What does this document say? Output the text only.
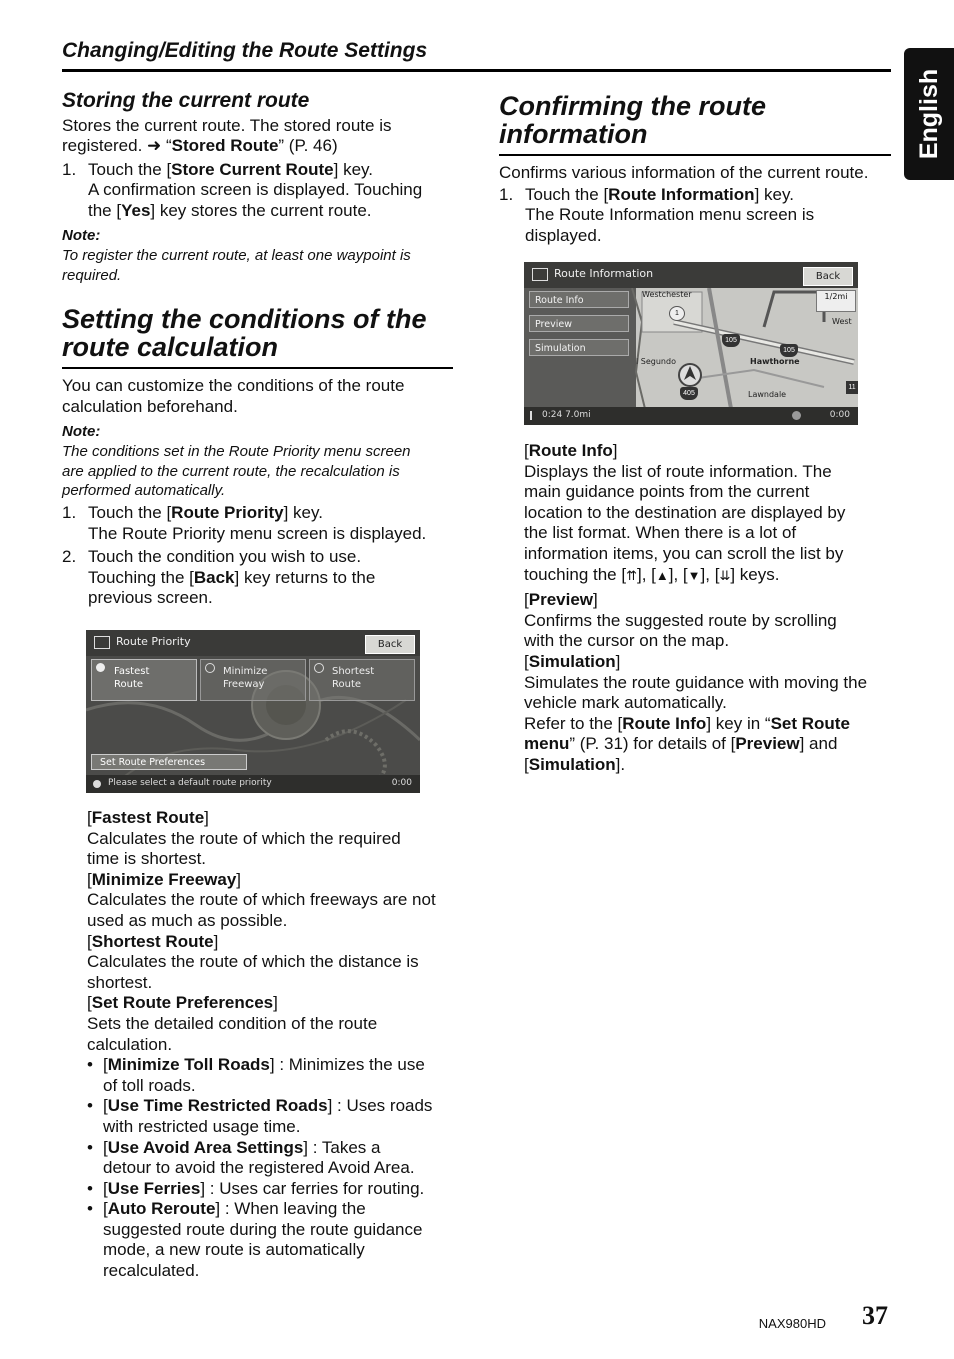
Changing/Editing the Route Settings
English
Storing the current route
Stores the current route. The stored route is
registered. ➜ “Stored Route” (P. 46)
1. Touch the [Store Current Route] key.
A confirmation screen is displayed. Touching
the [Yes] key stores the current route.
Note:
To register the current route, at least one waypoint is
required.
Setting the conditions of the
route calculation
You can customize the conditions of the route
calculation beforehand.
Note:
The conditions set in the Route Priority menu screen
are applied to the current route, the recalculation is
performed automatically.
1. Touch the [Route Priority] key.
The Route Priority menu screen is displayed.
2. Touch the condition you wish to use.
Touching the [Back] key returns to the
previous screen.
Route Priority	Back
Fastest
Route
Minimize
Freeway
Shortest
Route
Set Route Preferences
Please select a default route priority	0:00
[Fastest Route]
Calculates the route of which the required
time is shortest.
[Minimize Freeway]
Calculates the route of which freeways are not
used as much as possible.
[Shortest Route]
Calculates the route of which the distance is
shortest.
[Set Route Preferences]
Sets the detailed condition of the route
calculation.
• [Minimize Toll Roads] : Minimizes the use
of toll roads.
• [Use Time Restricted Roads] : Uses roads
with restricted usage time.
• [Use Avoid Area Settings] : Takes a
detour to avoid the registered Avoid Area.
• [Use Ferries] : Uses car ferries for routing.
• [Auto Reroute] : When leaving the
suggested route during the route guidance
mode, a new route is automatically
recalculated.
Confirming the route
information
Confirms various information of the current route.
1. Touch the [Route Information] key.
The Route Information menu screen is
displayed.
Route Information	Back
Route Info
Preview
Simulation
Westchester
West
l Segundo	Hawthorne
Lawndale
1/2mi
105
105
405
1
11
0:24 7.0mi	0:00
[Route Info]
Displays the list of route information. The
main guidance points from the current
location to the destination are displayed by
the list format. When there is a lot of
information items, you can scroll the list by
touching the [⇈], [▲], [▼], [⇊] keys.
[Preview]
Confirms the suggested route by scrolling
with the cursor on the map.
[Simulation]
Simulates the route guidance with moving the
vehicle mark automatically.
Refer to the [Route Info] key in “Set Route
menu” (P. 31) for details of [Preview] and
[Simulation].
NAX980HD 37
